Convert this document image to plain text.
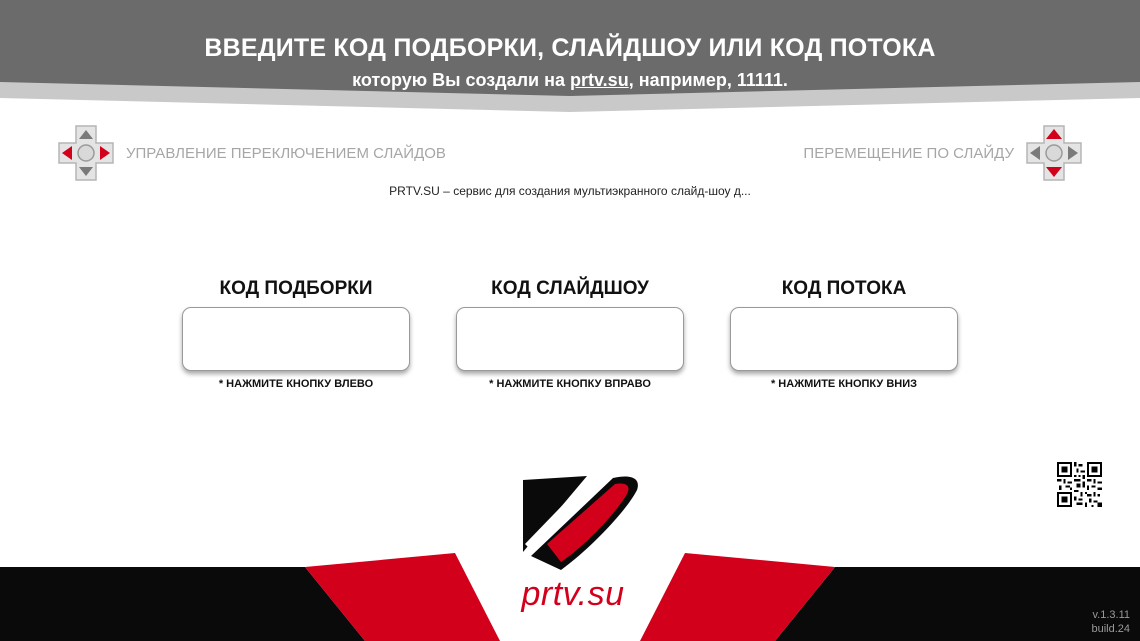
ВВЕДИТЕ КОД ПОДБОРКИ, СЛАЙДШОУ ИЛИ КОД ПОТОКА
которую Вы создали на prtv.su, например, 11111.
УПРАВЛЕНИЕ ПЕРЕКЛЮЧЕНИЕМ СЛАЙДОВ	ПЕРЕМЕЩЕНИЕ ПО СЛАЙДУ
PRTV.SU – сервис для создания мультиэкранного слайд-шоу д...
КОД ПОДБОРКИ
* НАЖМИТЕ КНОПКУ ВЛЕВО
КОД СЛАЙДШОУ
* НАЖМИТЕ КНОПКУ ВПРАВО
КОД ПОТОКА
* НАЖМИТЕ КНОПКУ ВНИЗ
prtv.su
v.1.3.11
build.24
